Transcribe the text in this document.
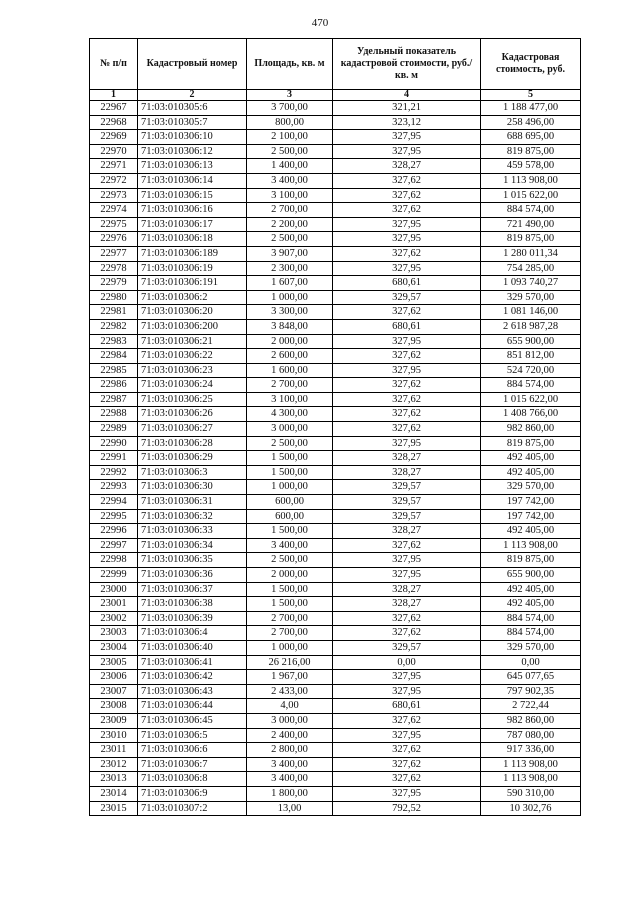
470
№ п/п	Кадастровый номер	Площадь, кв. м	Удельный показатель кадастровой стоимости, руб./кв. м	Кадастровая стоимость, руб.
1	2	3	4	5
22967	71:03:010305:6	3 700,00	321,21	1 188 477,00
22968	71:03:010305:7	800,00	323,12	258 496,00
22969	71:03:010306:10	2 100,00	327,95	688 695,00
22970	71:03:010306:12	2 500,00	327,95	819 875,00
22971	71:03:010306:13	1 400,00	328,27	459 578,00
22972	71:03:010306:14	3 400,00	327,62	1 113 908,00
22973	71:03:010306:15	3 100,00	327,62	1 015 622,00
22974	71:03:010306:16	2 700,00	327,62	884 574,00
22975	71:03:010306:17	2 200,00	327,95	721 490,00
22976	71:03:010306:18	2 500,00	327,95	819 875,00
22977	71:03:010306:189	3 907,00	327,62	1 280 011,34
22978	71:03:010306:19	2 300,00	327,95	754 285,00
22979	71:03:010306:191	1 607,00	680,61	1 093 740,27
22980	71:03:010306:2	1 000,00	329,57	329 570,00
22981	71:03:010306:20	3 300,00	327,62	1 081 146,00
22982	71:03:010306:200	3 848,00	680,61	2 618 987,28
22983	71:03:010306:21	2 000,00	327,95	655 900,00
22984	71:03:010306:22	2 600,00	327,62	851 812,00
22985	71:03:010306:23	1 600,00	327,95	524 720,00
22986	71:03:010306:24	2 700,00	327,62	884 574,00
22987	71:03:010306:25	3 100,00	327,62	1 015 622,00
22988	71:03:010306:26	4 300,00	327,62	1 408 766,00
22989	71:03:010306:27	3 000,00	327,62	982 860,00
22990	71:03:010306:28	2 500,00	327,95	819 875,00
22991	71:03:010306:29	1 500,00	328,27	492 405,00
22992	71:03:010306:3	1 500,00	328,27	492 405,00
22993	71:03:010306:30	1 000,00	329,57	329 570,00
22994	71:03:010306:31	600,00	329,57	197 742,00
22995	71:03:010306:32	600,00	329,57	197 742,00
22996	71:03:010306:33	1 500,00	328,27	492 405,00
22997	71:03:010306:34	3 400,00	327,62	1 113 908,00
22998	71:03:010306:35	2 500,00	327,95	819 875,00
22999	71:03:010306:36	2 000,00	327,95	655 900,00
23000	71:03:010306:37	1 500,00	328,27	492 405,00
23001	71:03:010306:38	1 500,00	328,27	492 405,00
23002	71:03:010306:39	2 700,00	327,62	884 574,00
23003	71:03:010306:4	2 700,00	327,62	884 574,00
23004	71:03:010306:40	1 000,00	329,57	329 570,00
23005	71:03:010306:41	26 216,00	0,00	0,00
23006	71:03:010306:42	1 967,00	327,95	645 077,65
23007	71:03:010306:43	2 433,00	327,95	797 902,35
23008	71:03:010306:44	4,00	680,61	2 722,44
23009	71:03:010306:45	3 000,00	327,62	982 860,00
23010	71:03:010306:5	2 400,00	327,95	787 080,00
23011	71:03:010306:6	2 800,00	327,62	917 336,00
23012	71:03:010306:7	3 400,00	327,62	1 113 908,00
23013	71:03:010306:8	3 400,00	327,62	1 113 908,00
23014	71:03:010306:9	1 800,00	327,95	590 310,00
23015	71:03:010307:2	13,00	792,52	10 302,76
